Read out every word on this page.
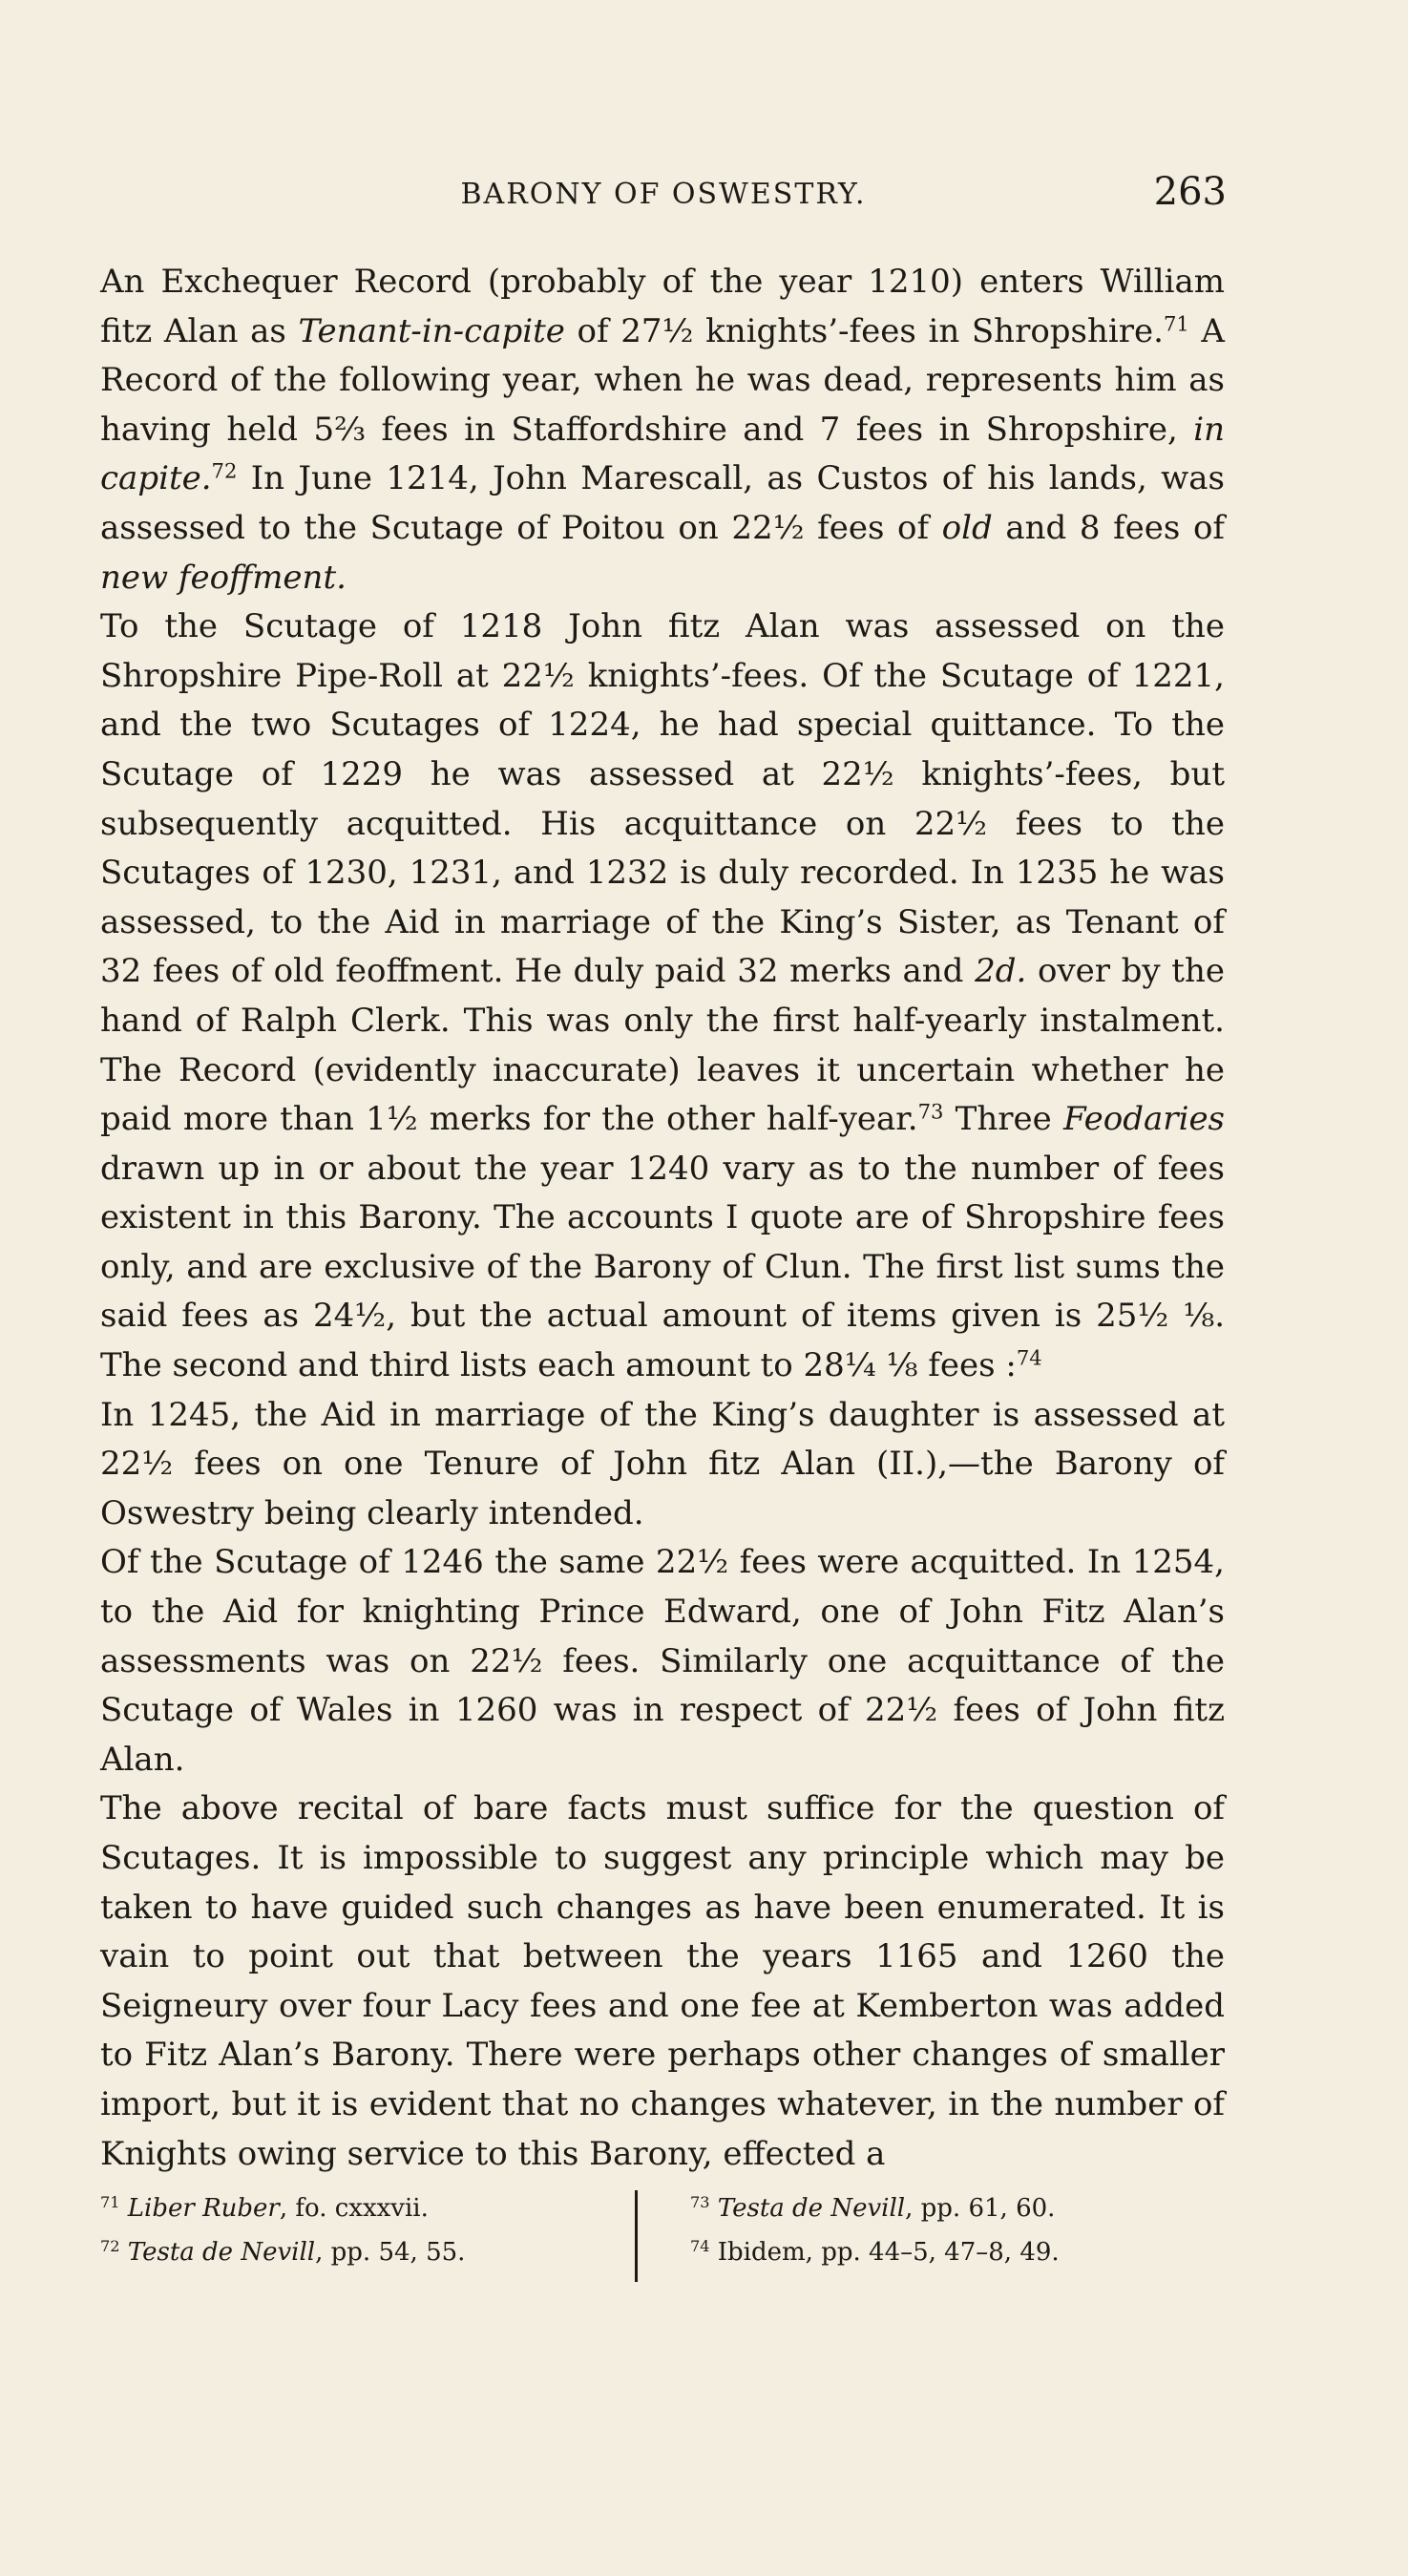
BARONY OF OSWESTRY.	263

An Exchequer Record (probably of the year 1210) enters William fitz Alan as Tenant-in-capite of 27½ knights’-fees in Shropshire.$^{71}$ A Record of the following year, when he was dead, represents him as having held 5⅔ fees in Staffordshire and 7 fees in Shropshire, in capite.$^{72}$ In June 1214, John Marescall, as Custos of his lands, was assessed to the Scutage of Poitou on 22½ fees of old and 8 fees of new feoffment.

To the Scutage of 1218 John fitz Alan was assessed on the Shropshire Pipe-Roll at 22½ knights’-fees. Of the Scutage of 1221, and the two Scutages of 1224, he had special quittance. To the Scutage of 1229 he was assessed at 22½ knights’-fees, but subsequently acquitted. His acquittance on 22½ fees to the Scutages of 1230, 1231, and 1232 is duly recorded. In 1235 he was assessed, to the Aid in marriage of the King’s Sister, as Tenant of 32 fees of old feoffment. He duly paid 32 merks and 2d. over by the hand of Ralph Clerk. This was only the first half-yearly instalment. The Record (evidently inaccurate) leaves it uncertain whether he paid more than 1½ merks for the other half-year.$^{73}$ Three Feodaries drawn up in or about the year 1240 vary as to the number of fees existent in this Barony. The accounts I quote are of Shropshire fees only, and are exclusive of the Barony of Clun. The first list sums the said fees as 24½, but the actual amount of items given is 25½ ⅛. The second and third lists each amount to 28¼ ⅛ fees :$^{74}$

In 1245, the Aid in marriage of the King’s daughter is assessed at 22½ fees on one Tenure of John fitz Alan (II.),—the Barony of Oswestry being clearly intended.

Of the Scutage of 1246 the same 22½ fees were acquitted. In 1254, to the Aid for knighting Prince Edward, one of John Fitz Alan’s assessments was on 22½ fees. Similarly one acquittance of the Scutage of Wales in 1260 was in respect of 22½ fees of John fitz Alan.

The above recital of bare facts must suffice for the question of Scutages. It is impossible to suggest any principle which may be taken to have guided such changes as have been enumerated. It is vain to point out that between the years 1165 and 1260 the Seigneury over four Lacy fees and one fee at Kemberton was added to Fitz Alan’s Barony. There were perhaps other changes of smaller import, but it is evident that no changes whatever, in the number of Knights owing service to this Barony, effected a

$^{71}$ Liber Ruber, fo. cxxxvii.
$^{72}$ Testa de Nevill, pp. 54, 55.
$^{73}$ Testa de Nevill, pp. 61, 60.
$^{74}$ Ibidem, pp. 44–5, 47–8, 49.
